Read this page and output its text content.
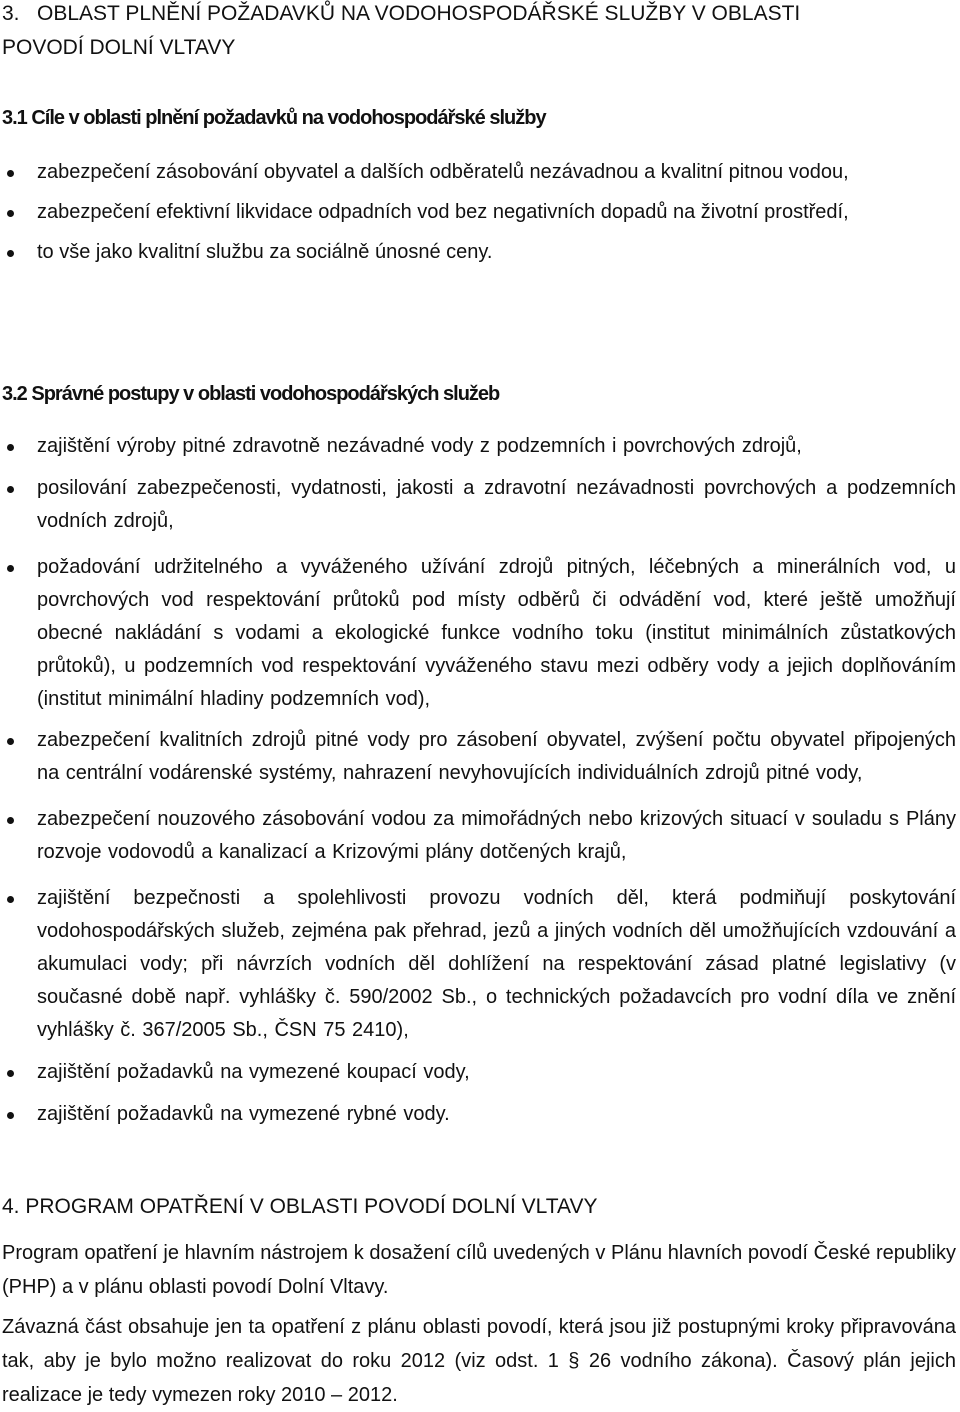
3.   OBLAST PLNĚNÍ POŽADAVKŮ NA VODOHOSPODÁŘSKÉ SLUŽBY V OBLASTI
POVODÍ DOLNÍ VLTAVY
3.1 Cíle v oblasti plnění požadavků na vodohospodářské služby
zabezpečení zásobování obyvatel a dalších odběratelů nezávadnou a kvalitní pitnou vodou,
zabezpečení efektivní likvidace odpadních vod bez negativních dopadů na životní prostředí,
to vše jako kvalitní službu za sociálně únosné ceny.
3.2 Správné postupy v oblasti vodohospodářských služeb
zajištění výroby pitné zdravotně nezávadné vody z podzemních i povrchových zdrojů,
posilování zabezpečenosti, vydatnosti, jakosti a zdravotní nezávadnosti povrchových a podzemních vodních zdrojů,
požadování udržitelného a vyváženého užívání zdrojů pitných, léčebných a minerálních vod, u povrchových vod respektování průtoků pod místy odběrů či odvádění vod, které ještě umožňují obecné nakládání s vodami a ekologické funkce vodního toku (institut minimálních zůstatkových průtoků), u podzemních vod respektování vyváženého stavu mezi odběry vody a jejich doplňováním (institut minimální hladiny podzemních vod),
zabezpečení kvalitních zdrojů pitné vody pro zásobení obyvatel, zvýšení počtu obyvatel připojených na centrální vodárenské systémy, nahrazení nevyhovujících individuálních zdrojů pitné vody,
zabezpečení nouzového zásobování vodou za mimořádných nebo krizových situací v souladu s Plány rozvoje vodovodů a kanalizací a Krizovými plány dotčených krajů,
zajištění bezpečnosti a spolehlivosti provozu vodních děl, která podmiňují poskytování vodohospodářských služeb, zejména pak přehrad, jezů a jiných vodních děl umožňujících vzdouvání a akumulaci vody; při návrzích vodních děl dohlížení na respektování zásad platné legislativy (v současné době např. vyhlášky č. 590/2002 Sb., o technických požadavcích pro vodní díla ve znění vyhlášky č. 367/2005 Sb., ČSN 75 2410),
zajištění požadavků na vymezené koupací vody,
zajištění požadavků na vymezené rybné vody.
4. PROGRAM OPATŘENÍ V OBLASTI POVODÍ DOLNÍ VLTAVY

Program opatření je hlavním nástrojem k dosažení cílů uvedených v Plánu hlavních povodí České republiky (PHP) a v plánu oblasti povodí Dolní Vltavy.

Závazná část obsahuje jen ta opatření z plánu oblasti povodí, která jsou již postupnými kroky připravována tak, aby je bylo možno realizovat do roku 2012 (viz odst. 1 § 26 vodního zákona). Časový plán jejich realizace je tedy vymezen roky 2010 – 2012.
